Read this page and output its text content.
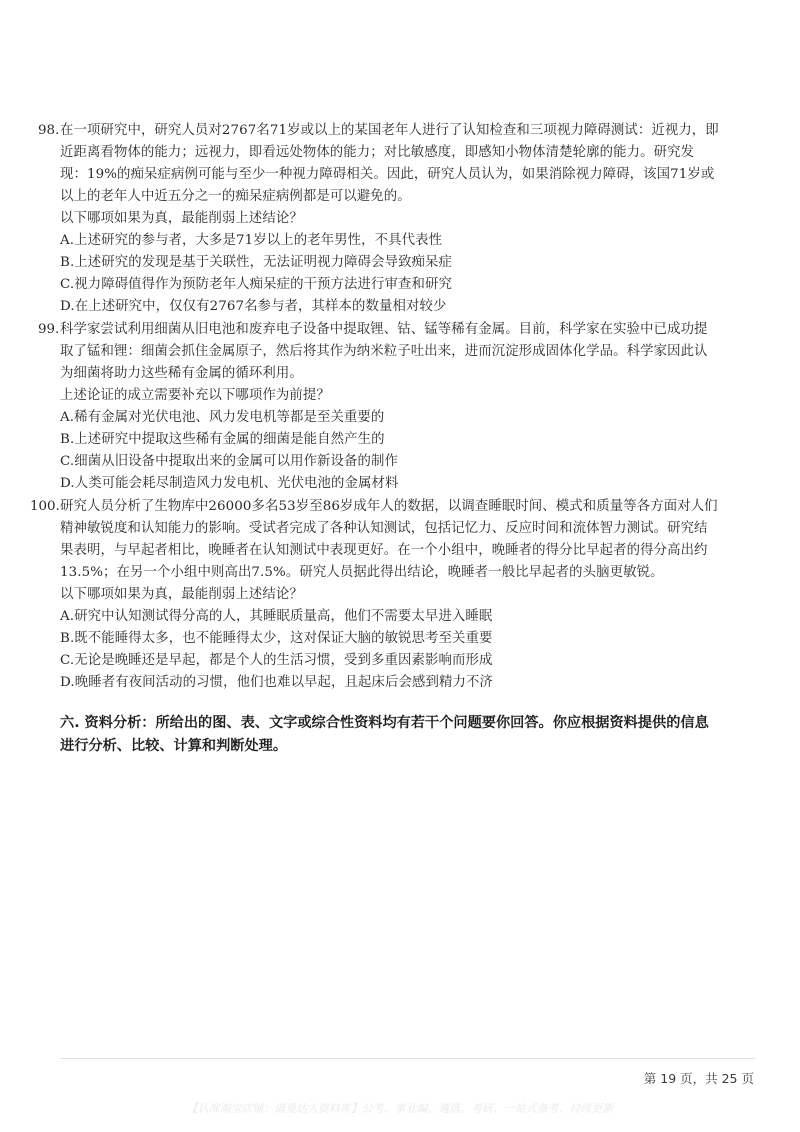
98. 在一项研究中，研究人员对2767名71岁或以上的某国老年人进行了认知检查和三项视力障碍测试：近视力，即
近距离看物体的能力；远视力，即看远处物体的能力；对比敏感度，即感知小物体清楚轮廓的能力。研究发
现：19%的痴呆症病例可能与至少一种视力障碍相关。因此，研究人员认为，如果消除视力障碍，该国71岁或
以上的老年人中近五分之一的痴呆症病例都是可以避免的。
以下哪项如果为真，最能削弱上述结论？
A.上述研究的参与者，大多是71岁以上的老年男性，不具代表性
B.上述研究的发现是基于关联性，无法证明视力障碍会导致痴呆症
C.视力障碍值得作为预防老年人痴呆症的干预方法进行审查和研究
D.在上述研究中，仅仅有2767名参与者，其样本的数量相对较少
99. 科学家尝试利用细菌从旧电池和废弃电子设备中提取锂、钴、锰等稀有金属。目前，科学家在实验中已成功提
取了锰和锂：细菌会抓住金属原子，然后将其作为纳米粒子吐出来，进而沉淀形成固体化学品。科学家因此认
为细菌将助力这些稀有金属的循环利用。
上述论证的成立需要补充以下哪项作为前提？
A.稀有金属对光伏电池、风力发电机等都是至关重要的
B.上述研究中提取这些稀有金属的细菌是能自然产生的
C.细菌从旧设备中提取出来的金属可以用作新设备的制作
D.人类可能会耗尽制造风力发电机、光伏电池的金属材料
100. 研究人员分析了生物库中26000多名53岁至86岁成年人的数据，以调查睡眠时间、模式和质量等各方面对人们
精神敏锐度和认知能力的影响。受试者完成了各种认知测试，包括记忆力、反应时间和流体智力测试。研究结
果表明，与早起者相比，晚睡者在认知测试中表现更好。在一个小组中，晚睡者的得分比早起者的得分高出约
13.5%；在另一个小组中则高出7.5%。研究人员据此得出结论，晚睡者一般比早起者的头脑更敏锐。
以下哪项如果为真，最能削弱上述结论？
A.研究中认知测试得分高的人，其睡眠质量高，他们不需要太早进入睡眠
B.既不能睡得太多，也不能睡得太少，这对保证大脑的敏锐思考至关重要
C.无论是晚睡还是早起，都是个人的生活习惯，受到多重因素影响而形成
D.晚睡者有夜间活动的习惯，他们也难以早起，且起床后会感到精力不济
六. 资料分析：所给出的图、表、文字或综合性资料均有若干个问题要你回答。你应根据资料提供的信息
进行分析、比较、计算和判断处理。
第 19 页，共 25 页
【认准淘宝店铺：道曼达人资料库】公考、事业编、遴选、考研、一站式备考、持续更新
